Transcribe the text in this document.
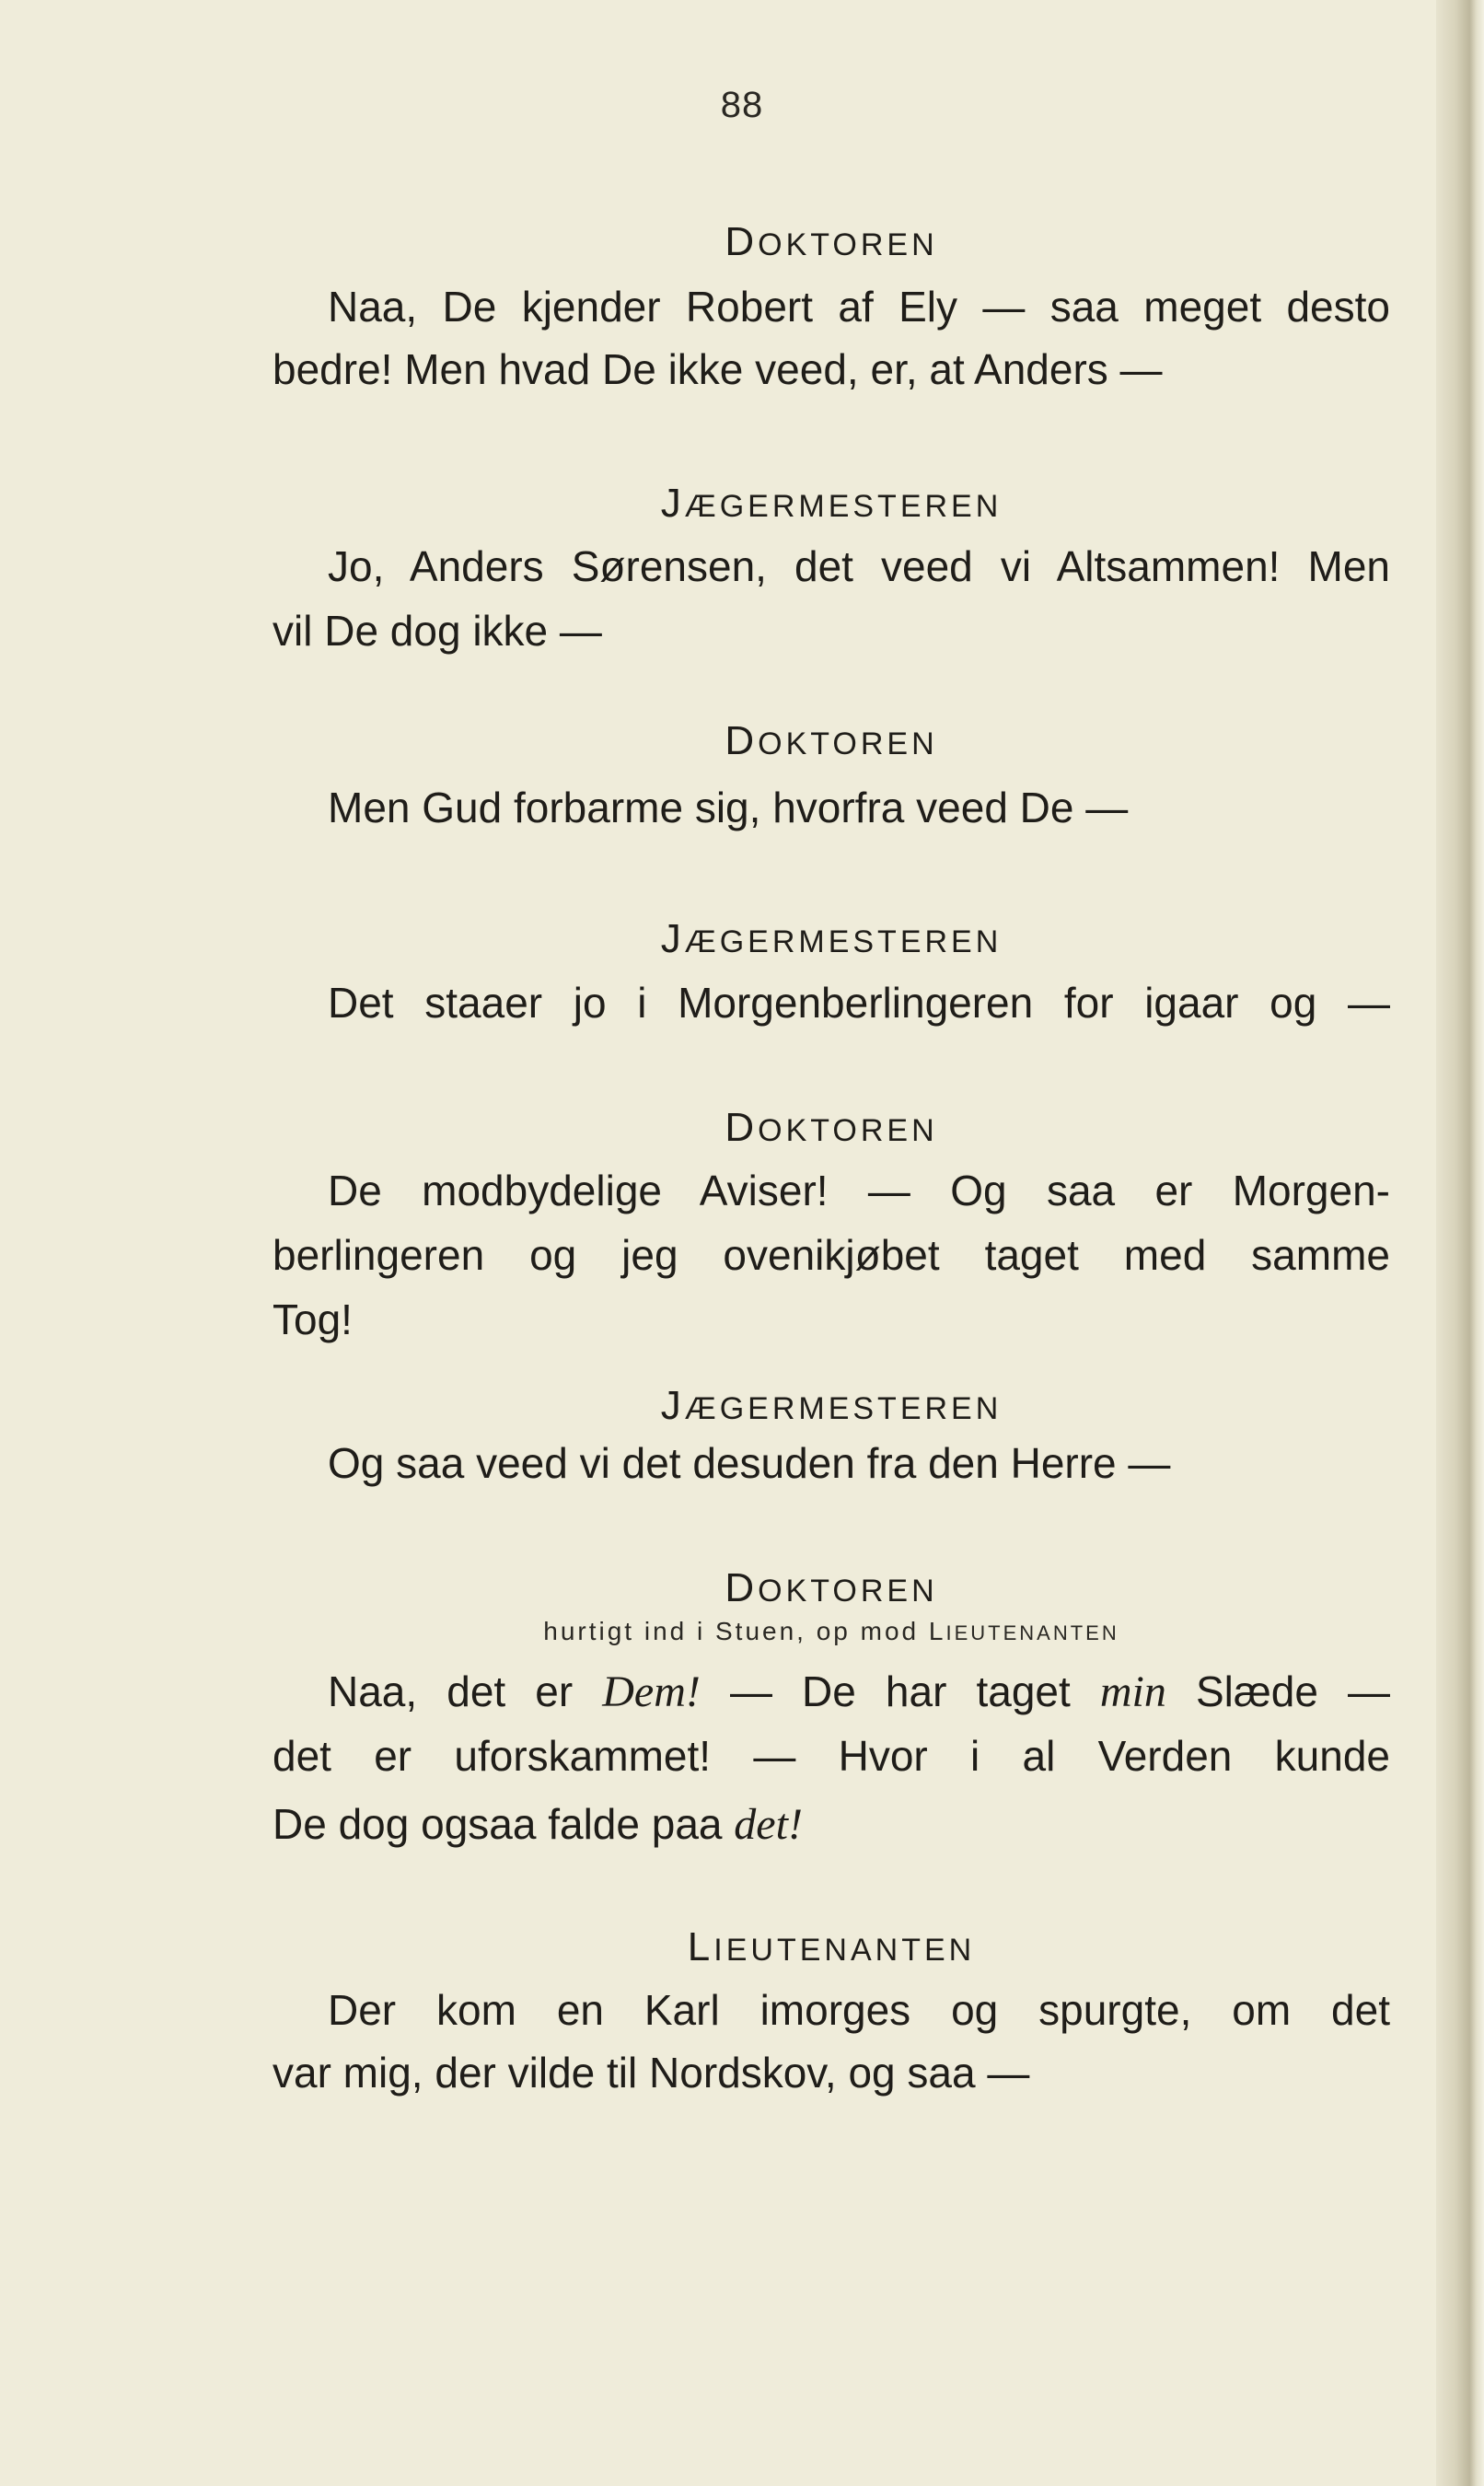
88
DOKTOREN
Naa, De kjender Robert af Ely — saa meget desto
bedre! Men hvad De ikke veed, er, at Anders —
JÆGERMESTEREN
Jo, Anders Sørensen, det veed vi Altsammen! Men
vil De dog ikke —
DOKTOREN
Men Gud forbarme sig, hvorfra veed De —
JÆGERMESTEREN
Det staaer jo i Morgenberlingeren for igaar og —
DOKTOREN
De modbydelige Aviser! — Og saa er Morgen-
berlingeren og jeg ovenikjøbet taget med samme
Tog!
JÆGERMESTEREN
Og saa veed vi det desuden fra den Herre —
DOKTOREN
hurtigt ind i Stuen, op mod LIEUTENANTEN
Naa, det er Dem! — De har taget min Slæde —
det er uforskammet! — Hvor i al Verden kunde
De dog ogsaa falde paa det!
LIEUTENANTEN
Der kom en Karl imorges og spurgte, om det
var mig, der vilde til Nordskov, og saa —
